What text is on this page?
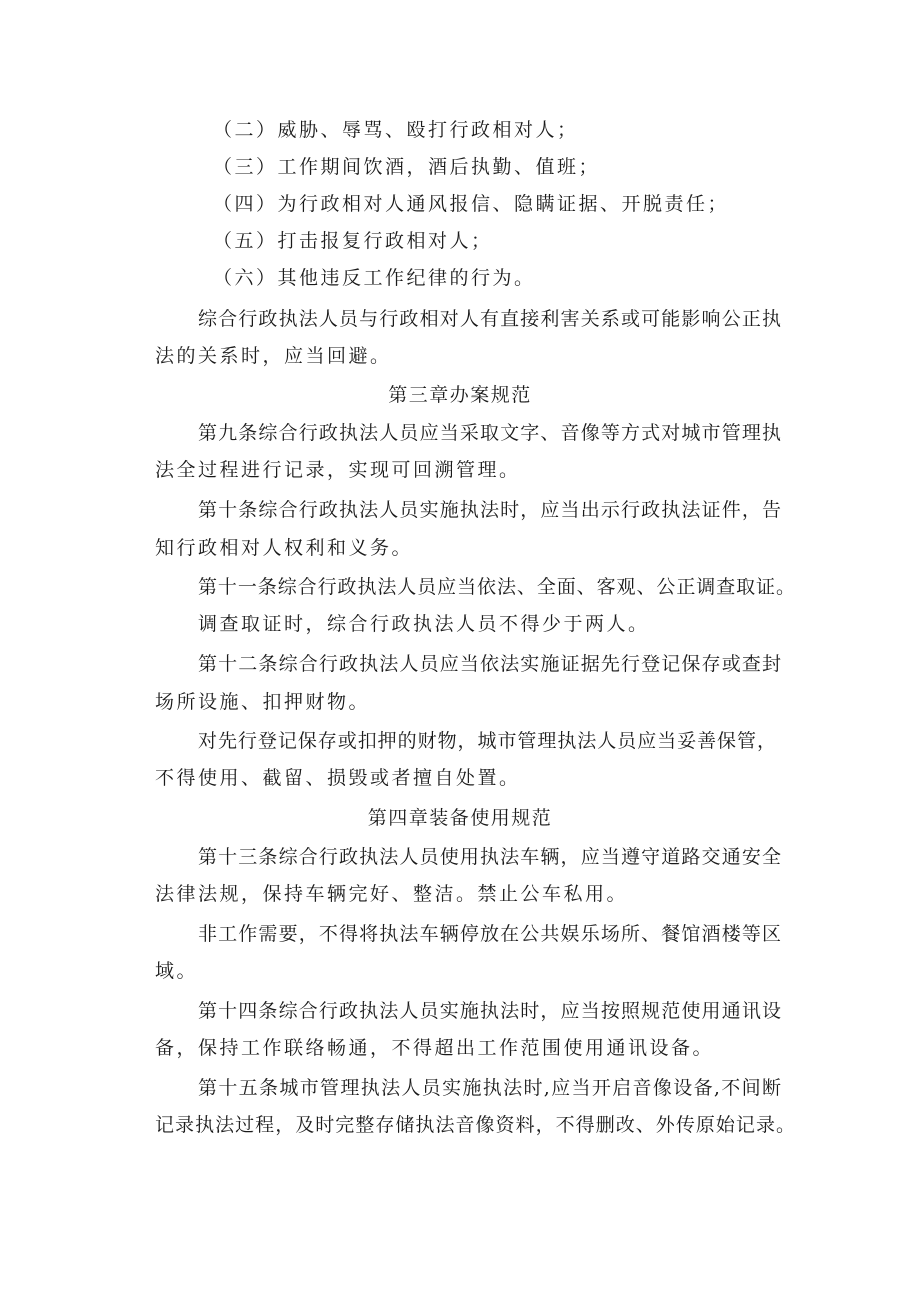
（二）威胁、辱骂、殴打行政相对人；
（三）工作期间饮酒，酒后执勤、值班；
（四）为行政相对人通风报信、隐瞒证据、开脱责任；
（五）打击报复行政相对人；
（六）其他违反工作纪律的行为。
综合行政执法人员与行政相对人有直接利害关系或可能影响公正执
法的关系时，应当回避。
第三章办案规范
第九条综合行政执法人员应当采取文字、音像等方式对城市管理执
法全过程进行记录，实现可回溯管理。
第十条综合行政执法人员实施执法时，应当出示行政执法证件，告
知行政相对人权利和义务。
第十一条综合行政执法人员应当依法、全面、客观、公正调查取证。
调查取证时，综合行政执法人员不得少于两人。
第十二条综合行政执法人员应当依法实施证据先行登记保存或查封
场所设施、扣押财物。
对先行登记保存或扣押的财物，城市管理执法人员应当妥善保管，
不得使用、截留、损毁或者擅自处置。
第四章装备使用规范
第十三条综合行政执法人员使用执法车辆，应当遵守道路交通安全
法律法规，保持车辆完好、整洁。禁止公车私用。
非工作需要，不得将执法车辆停放在公共娱乐场所、餐馆酒楼等区
域。
第十四条综合行政执法人员实施执法时，应当按照规范使用通讯设
备，保持工作联络畅通，不得超出工作范围使用通讯设备。
第十五条城市管理执法人员实施执法时,应当开启音像设备,不间断
记录执法过程，及时完整存储执法音像资料，不得删改、外传原始记录。
